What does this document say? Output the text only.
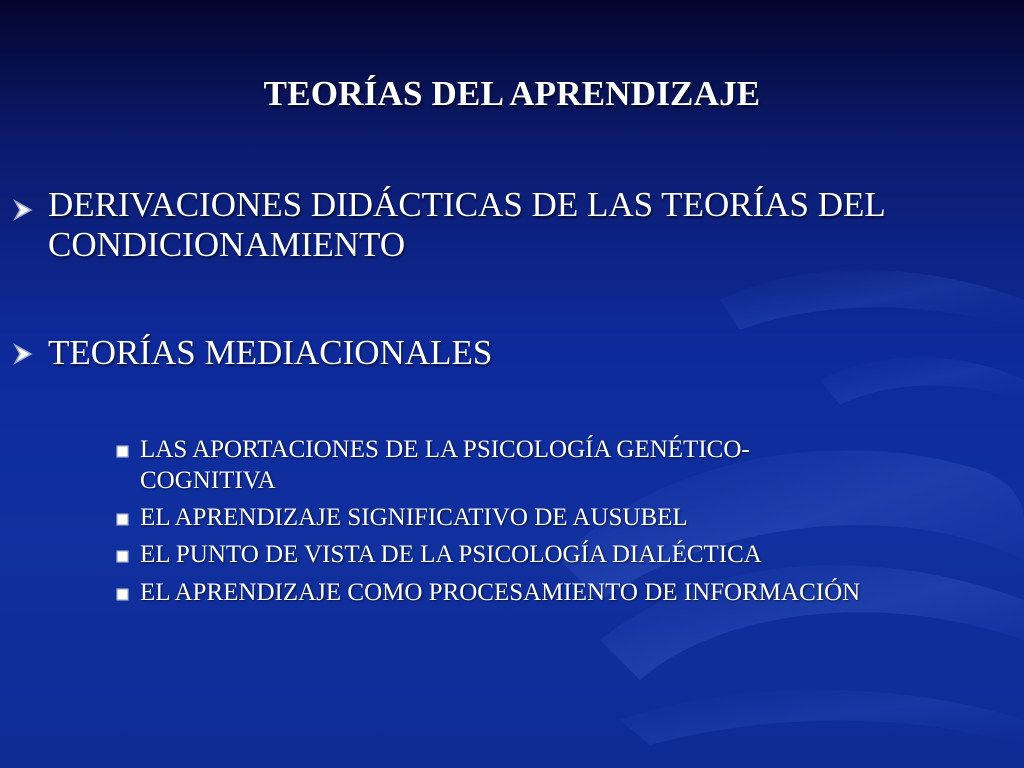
TEORÍAS DEL APRENDIZAJE
DERIVACIONES DIDÁCTICAS DE LAS TEORÍAS DEL CONDICIONAMIENTO
TEORÍAS MEDIACIONALES
LAS APORTACIONES DE LA PSICOLOGÍA GENÉTICO-COGNITIVA
EL APRENDIZAJE SIGNIFICATIVO DE AUSUBEL
EL PUNTO DE VISTA DE LA PSICOLOGÍA DIALÉCTICA
EL APRENDIZAJE COMO PROCESAMIENTO DE INFORMACIÓN
